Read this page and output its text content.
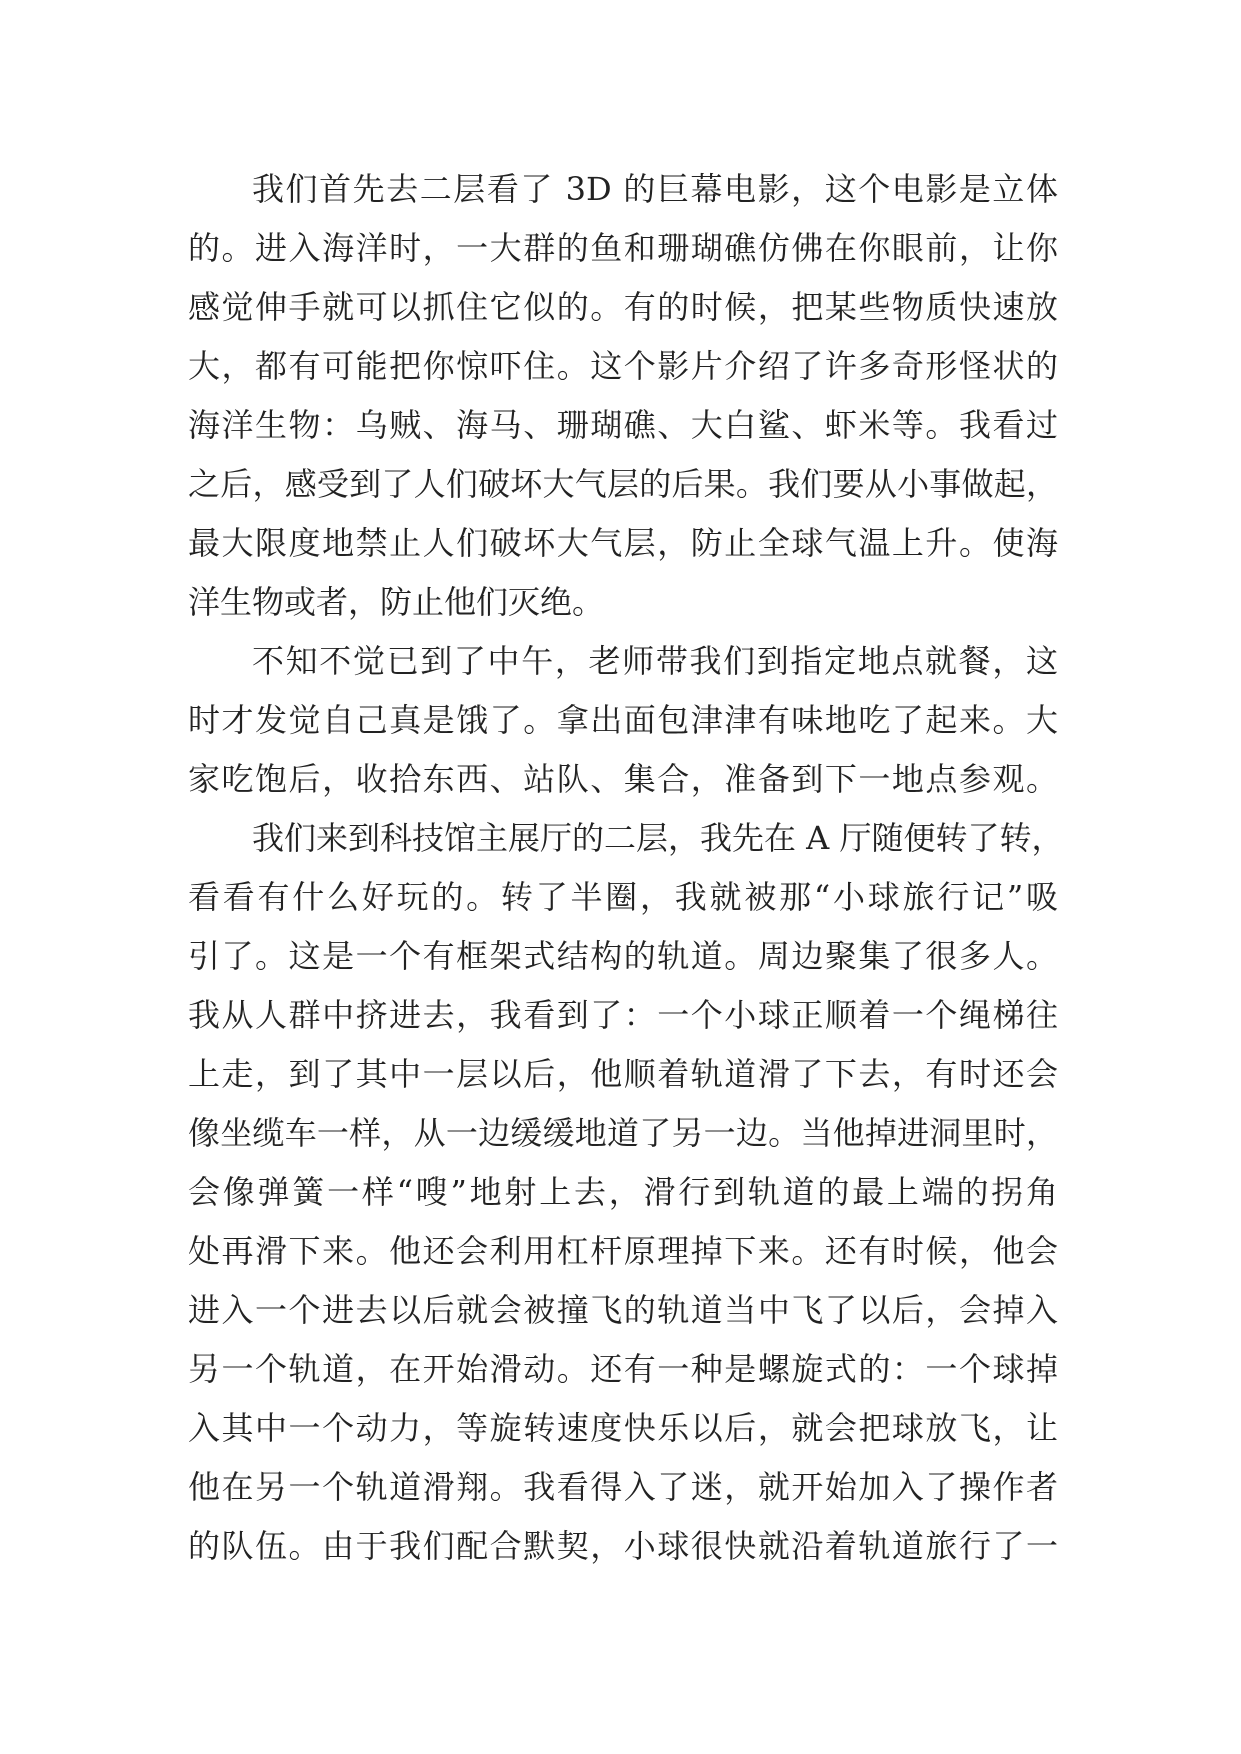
我们首先去二层看了 3D 的巨幕电影，这个电影是立体
的。进入海洋时，一大群的鱼和珊瑚礁仿佛在你眼前，让你
感觉伸手就可以抓住它似的。有的时候，把某些物质快速放
大，都有可能把你惊吓住。这个影片介绍了许多奇形怪状的
海洋生物：乌贼、海马、珊瑚礁、大白鲨、虾米等。我看过
之后，感受到了人们破坏大气层的后果。我们要从小事做起，
最大限度地禁止人们破坏大气层，防止全球气温上升。使海
洋生物或者，防止他们灭绝。
不知不觉已到了中午，老师带我们到指定地点就餐，这
时才发觉自己真是饿了。拿出面包津津有味地吃了起来。大
家吃饱后，收拾东西、站队、集合，准备到下一地点参观。
我们来到科技馆主展厅的二层，我先在 A 厅随便转了转，
看看有什么好玩的。转了半圈，我就被那“小球旅行记”吸
引了。这是一个有框架式结构的轨道。周边聚集了很多人。
我从人群中挤进去，我看到了：一个小球正顺着一个绳梯往
上走，到了其中一层以后，他顺着轨道滑了下去，有时还会
像坐缆车一样，从一边缓缓地道了另一边。当他掉进洞里时，
会像弹簧一样“嗖”地射上去，滑行到轨道的最上端的拐角
处再滑下来。他还会利用杠杆原理掉下来。还有时候，他会
进入一个进去以后就会被撞飞的轨道当中飞了以后，会掉入
另一个轨道，在开始滑动。还有一种是螺旋式的：一个球掉
入其中一个动力，等旋转速度快乐以后，就会把球放飞，让
他在另一个轨道滑翔。我看得入了迷，就开始加入了操作者
的队伍。由于我们配合默契，小球很快就沿着轨道旅行了一
